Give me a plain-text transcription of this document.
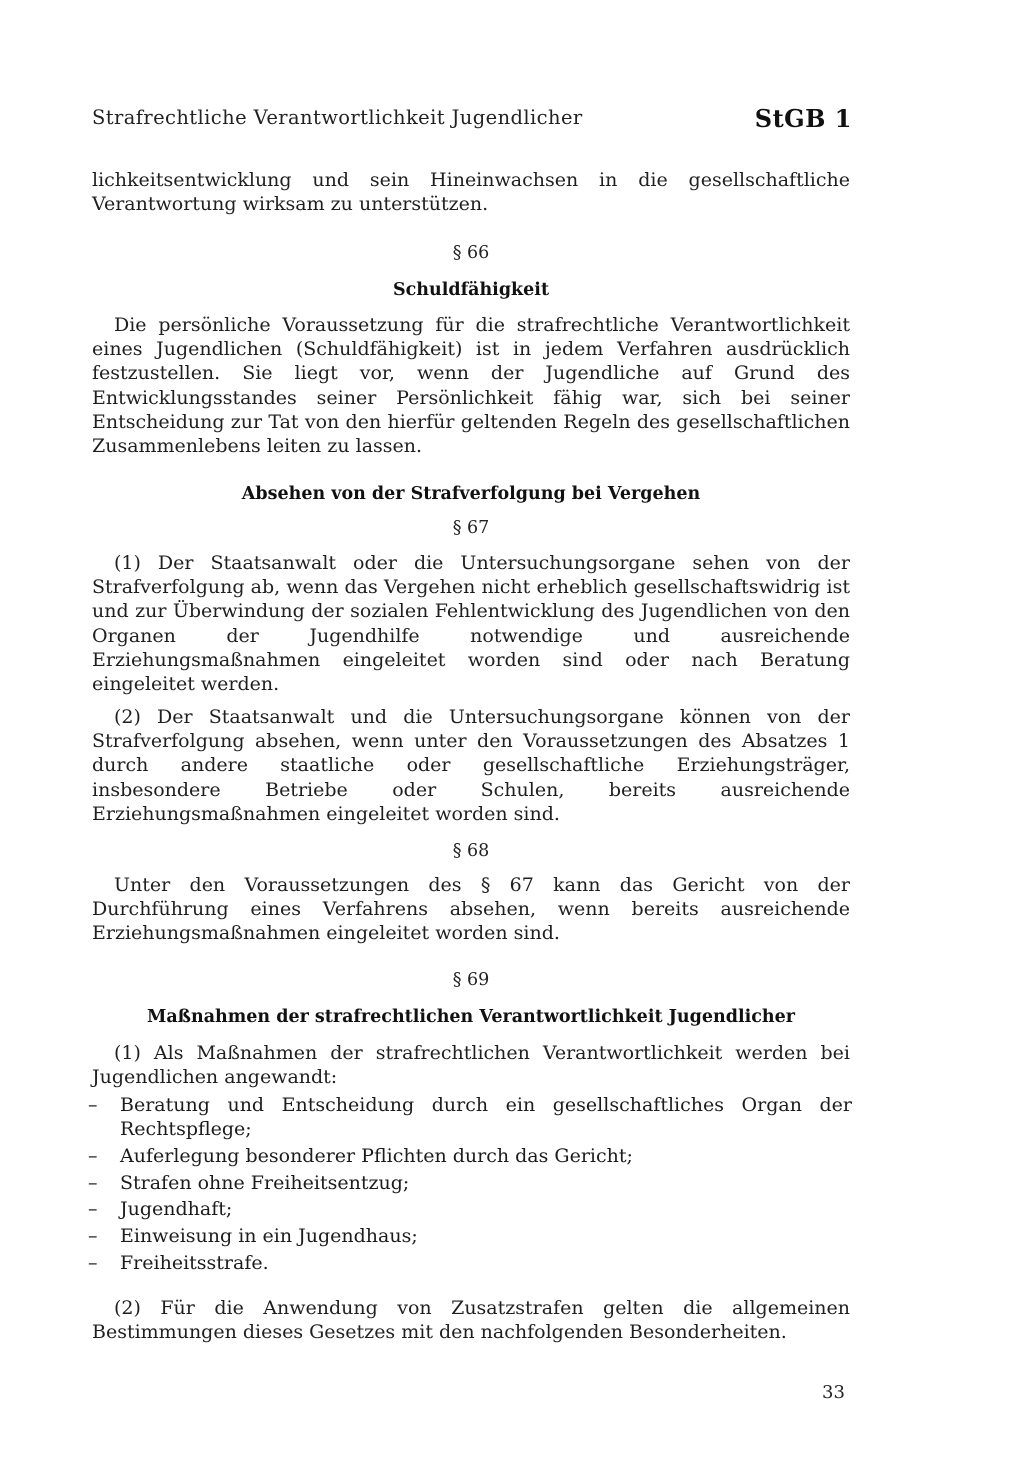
Strafrechtliche Verantwortlichkeit Jugendlicher	StGB 1
lichkeitsentwicklung und sein Hineinwachsen in die gesellschaftliche Verantwortung wirksam zu unterstützen.
§ 66
Schuldfähigkeit
Die persönliche Voraussetzung für die strafrechtliche Verantwortlichkeit eines Jugendlichen (Schuldfähigkeit) ist in jedem Verfahren ausdrücklich festzustellen. Sie liegt vor, wenn der Jugendliche auf Grund des Entwicklungsstandes seiner Persönlichkeit fähig war, sich bei seiner Entscheidung zur Tat von den hierfür geltenden Regeln des gesellschaftlichen Zusammenlebens leiten zu lassen.
Absehen von der Strafverfolgung bei Vergehen
§ 67
(1) Der Staatsanwalt oder die Untersuchungsorgane sehen von der Strafverfolgung ab, wenn das Vergehen nicht erheblich gesellschaftswidrig ist und zur Überwindung der sozialen Fehlentwicklung des Jugendlichen von den Organen der Jugendhilfe notwendige und ausreichende Erziehungsmaßnahmen eingeleitet worden sind oder nach Beratung eingeleitet werden.
(2) Der Staatsanwalt und die Untersuchungsorgane können von der Strafverfolgung absehen, wenn unter den Voraussetzungen des Absatzes 1 durch andere staatliche oder gesellschaftliche Erziehungsträger, insbesondere Betriebe oder Schulen, bereits ausreichende Erziehungsmaßnahmen eingeleitet worden sind.
§ 68
Unter den Voraussetzungen des § 67 kann das Gericht von der Durchführung eines Verfahrens absehen, wenn bereits ausreichende Erziehungsmaßnahmen eingeleitet worden sind.
§ 69
Maßnahmen der strafrechtlichen Verantwortlichkeit Jugendlicher
(1) Als Maßnahmen der strafrechtlichen Verantwortlichkeit werden bei Jugendlichen angewandt:
–	Beratung und Entscheidung durch ein gesellschaftliches Organ der Rechtspflege;
–	Auferlegung besonderer Pflichten durch das Gericht;
–	Strafen ohne Freiheitsentzug;
–	Jugendhaft;
–	Einweisung in ein Jugendhaus;
–	Freiheitsstrafe.
(2) Für die Anwendung von Zusatzstrafen gelten die allgemeinen Bestimmungen dieses Gesetzes mit den nachfolgenden Besonderheiten.
33
